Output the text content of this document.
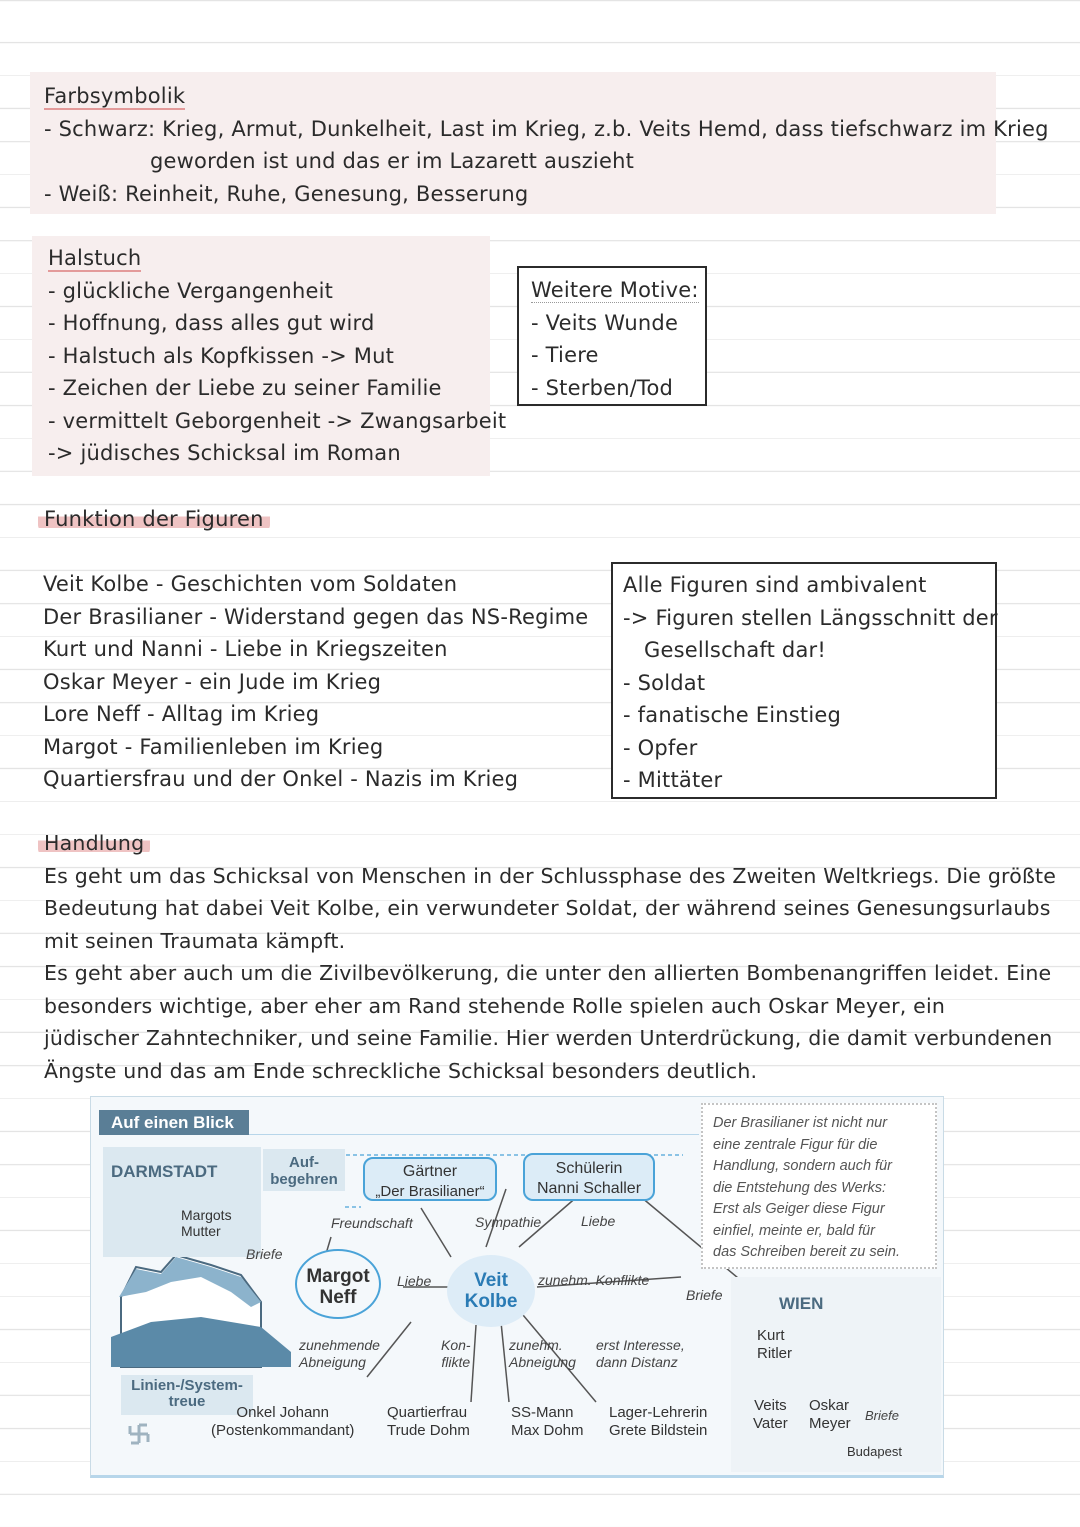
Farbsymbolik
- Schwarz: Krieg, Armut, Dunkelheit, Last im Krieg, z.b. Veits Hemd, dass tiefschwarz im Krieg
geworden ist und das er im Lazarett auszieht
- Weiß: Reinheit, Ruhe, Genesung, Besserung
Halstuch
- glückliche Vergangenheit
- Hoffnung, dass alles gut wird
- Halstuch als Kopfkissen -> Mut
- Zeichen der Liebe zu seiner Familie
- vermittelt Geborgenheit -> Zwangsarbeit
-> jüdisches Schicksal im Roman
Weitere Motive:
- Veits Wunde
- Tiere
- Sterben/Tod
Funktion der Figuren
Veit Kolbe - Geschichten vom Soldaten
Der Brasilianer - Widerstand gegen das NS-Regime
Kurt und Nanni - Liebe in Kriegszeiten
Oskar Meyer - ein Jude im Krieg
Lore Neff - Alltag im Krieg
Margot - Familienleben im Krieg
Quartiersfrau und der Onkel - Nazis im Krieg
Alle Figuren sind ambivalent
-> Figuren stellen Längsschnitt der
Gesellschaft dar!
- Soldat
- fanatische Einstieg
- Opfer
- Mittäter
Handlung
Es geht um das Schicksal von Menschen in der Schlussphase des Zweiten Weltkriegs. Die größte
Bedeutung hat dabei Veit Kolbe, ein verwundeter Soldat, der während seines Genesungsurlaubs
mit seinen Traumata kämpft.
Es geht aber auch um die Zivilbevölkerung, die unter den allierten Bombenangriffen leidet. Eine
besonders wichtige, aber eher am Rand stehende Rolle spielen auch Oskar Meyer, ein
jüdischer Zahntechniker, und seine Familie. Hier werden Unterdrückung, die damit verbundenen
Ängste und das am Ende schreckliche Schicksal besonders deutlich.
Auf einen Blick
DARMSTADT
Margots
Mutter
Auf-
begehren	Gärtner
„Der Brasilianer“
Schülerin
Nanni Schaller
Freundschaft	Sympathie	Liebe
Briefe
MONDSEE
Margot
Neff
Liebe	Veit
Kolbe
zunehm. Konflikte
Briefe	WIEN
Kurt
Ritler
zunehmende
Abneigung
Kon-
flikte
zunehm.
Abneigung
erst Interesse,
dann Distanz
Linien-/System-
treue
Onkel Johann
(Postenkommandant)
Quartierfrau
Trude Dohm
SS-Mann
Max Dohm
Lager-Lehrerin
Grete Bildstein
Veits
Vater
Oskar
Meyer Briefe
Budapest
Der Brasilianer ist nicht nur
eine zentrale Figur für die
Handlung, sondern auch für
die Entstehung des Werks:
Erst als Geiger diese Figur
einfiel, meinte er, bald für
das Schreiben bereit zu sein.
